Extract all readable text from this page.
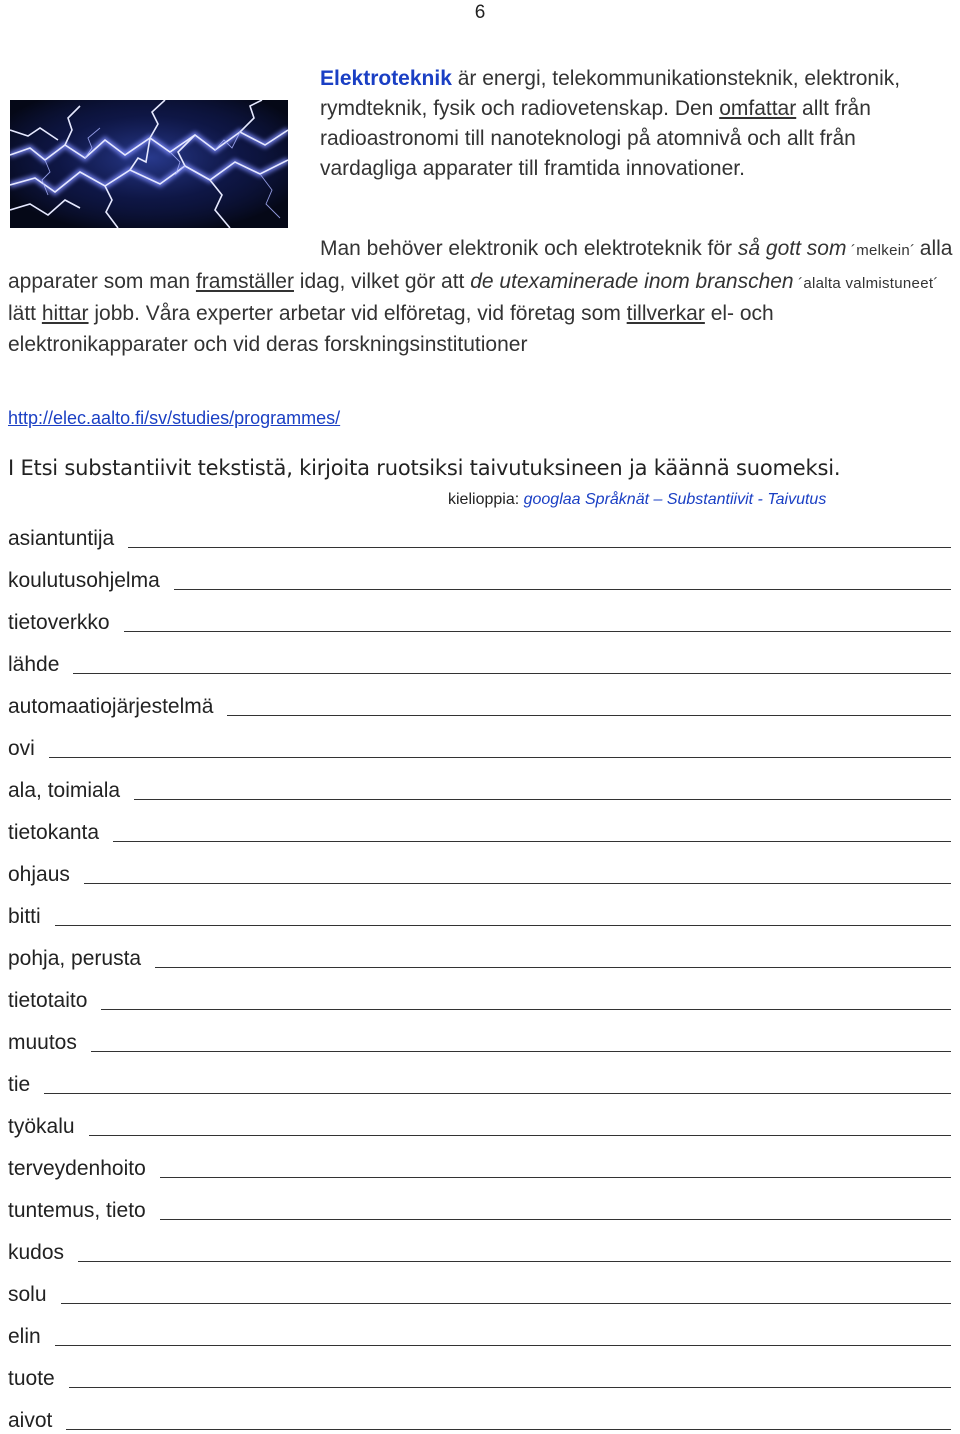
6

Elektroteknik är energi, telekommunikationsteknik, elektronik, rymdteknik, fysik och radiovetenskap. Den omfattar allt från radioastronomi till nanoteknologi på atomnivå och allt från vardagliga apparater till framtida innovationer.

Man behöver elektronik och elektroteknik för så gott som ´melkein´ alla apparater som man framställer idag, vilket gör att de utexaminerade inom branschen ´alalta valmistuneet´ lätt hittar jobb. Våra experter arbetar vid elföretag, vid företag som tillverkar el- och elektronikapparater och vid deras forskningsinstitutioner
http://elec.aalto.fi/sv/studies/programmes/
I Etsi substantiivit tekstistä, kirjoita ruotsiksi taivutuksineen ja käännä suomeksi.
kielioppia: googlaa Språknät – Substantiivit - Taivutus
asiantuntija
koulutusohjelma
tietoverkko
lähde
automaatiojärjestelmä
ovi
ala, toimiala
tietokanta
ohjaus
bitti
pohja, perusta
tietotaito
muutos
tie
työkalu
terveydenhoito
tuntemus, tieto
kudos
solu
elin
tuote
aivot
